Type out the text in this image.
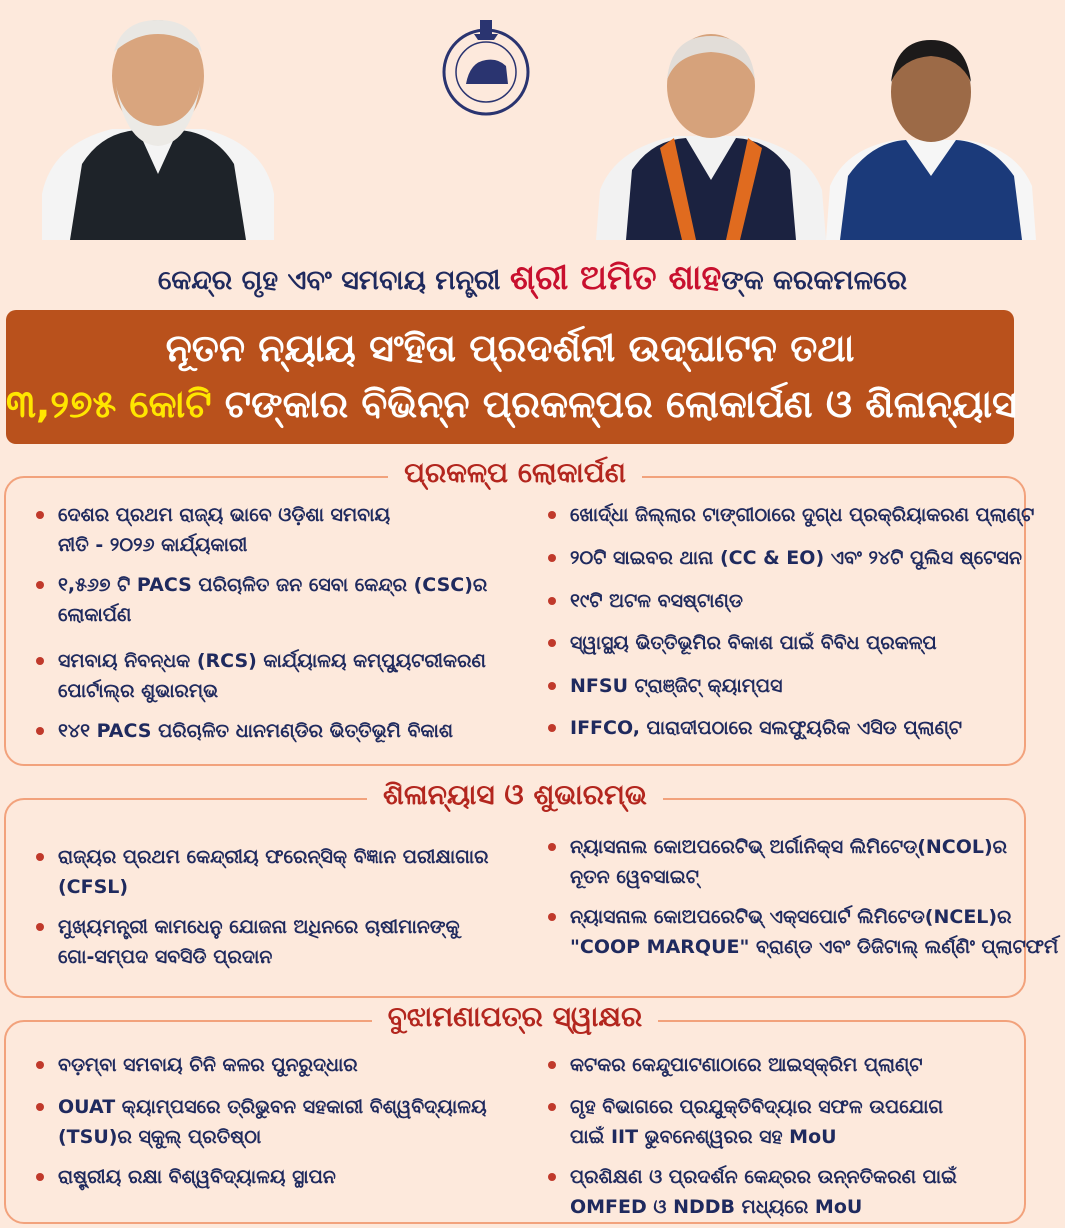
କେନ୍ଦ୍ର ଗୃହ ଏବଂ ସମବାୟ ମନ୍ତ୍ରୀ ଶ୍ରୀ ଅମିତ ଶାହଙ୍କ କରକମଳରେ
ନୂତନ ନ୍ୟାୟ ସଂହିତା ପ୍ରଦର୍ଶନୀ ଉଦ୍‌ଘାଟନ ତଥା
୩,୨୭୫ କୋଟି ଟଙ୍କାର ବିଭିନ୍ନ ପ୍ରକଳ୍ପର ଲୋକାର୍ପଣ ଓ ଶିଳାନ୍ୟାସ
ପ୍ରକଳ୍ପ ଲୋକାର୍ପଣ
ଦେଶର ପ୍ରଥମ ରାଜ୍ୟ ଭାବେ ଓଡ଼ିଶା ସମବାୟ
ନୀତି - ୨୦୨୬ କାର୍ଯ୍ୟକାରୀ
୧,୫୬୭ ଟି PACS ପରିଚାଳିତ ଜନ ସେବା କେନ୍ଦ୍ର (CSC)ର
ଲୋକାର୍ପଣ
ସମବାୟ ନିବନ୍ଧକ (RCS) କାର୍ଯ୍ୟାଳୟ କମ୍ପ୍ୟୁଟରୀକରଣ
ପୋର୍ଟାଲ୍‌ର ଶୁଭାରମ୍ଭ
୧୪୧ PACS ପରିଚାଳିତ ଧାନମଣ୍ଡିର ଭିତ୍ତିଭୂମି ବିକାଶ
ଖୋର୍ଦ୍ଧା ଜିଲ୍ଲାର ଟାଙ୍ଗୀଠାରେ ଦୁଗ୍ଧ ପ୍ରକ୍ରିୟାକରଣ ପ୍ଲାଣ୍ଟ
୨୦ଟି ସାଇବର ଥାନା (CC & EO) ଏବଂ ୨୪ଟି ପୁଲିସ ଷ୍ଟେସନ
୧୯ଟି ଅଟଳ ବସଷ୍ଟାଣ୍ଡ
ସ୍ୱାସ୍ଥ୍ୟ ଭିତ୍ତିଭୂମିର ବିକାଶ ପାଇଁ ବିବିଧ ପ୍ରକଳ୍ପ
NFSU ଟ୍ରାଞ୍ଜିଟ୍ କ୍ୟାମ୍ପସ
IFFCO, ପାରାଦୀପଠାରେ ସଲଫ୍ୟୁରିକ ଏସିଡ ପ୍ଲାଣ୍ଟ
ଶିଳାନ୍ୟାସ ଓ ଶୁଭାରମ୍ଭ
ରାଜ୍ୟର ପ୍ରଥମ କେନ୍ଦ୍ରୀୟ ଫରେନ୍‌ସିକ୍ ବିଜ୍ଞାନ ପରୀକ୍ଷାଗାର
(CFSL)
ମୁଖ୍ୟମନ୍ତ୍ରୀ କାମଧେନୁ ଯୋଜନା ଅଧିନରେ ଚାଷୀମାନଙ୍କୁ
ଗୋ-ସମ୍ପଦ ସବସିଡି ପ୍ରଦାନ
ନ୍ୟାସନାଲ କୋଅପରେଟିଭ୍ ଅର୍ଗାନିକ୍ସ ଲିମିଟେଡ୍(NCOL)ର
ନୂତନ ୱେବସାଇଟ୍
ନ୍ୟାସନାଲ କୋଅପରେଟିଭ୍ ଏକ୍ସପୋର୍ଟ ଲିମିଟେଡ(NCEL)ର
"COOP MARQUE" ବ୍ରାଣ୍ଡ ଏବଂ ଡିଜିଟାଲ୍ ଲର୍ଣ୍ଣିଂ ପ୍ଲାଟଫର୍ମ
ବୁଝାମଣାପତ୍ର ସ୍ୱାକ୍ଷର
ବଡ଼ମ୍ବା ସମବାୟ ଚିନି କଳର ପୁନରୁଦ୍ଧାର
OUAT କ୍ୟାମ୍ପସରେ ତ୍ରିଭୁବନ ସହକାରୀ ବିଶ୍ୱବିଦ୍ୟାଳୟ
(TSU)ର ସ୍କୁଲ୍ ପ୍ରତିଷ୍ଠା
ରାଷ୍ଟ୍ରୀୟ ରକ୍ଷା ବିଶ୍ୱବିଦ୍ୟାଳୟ ସ୍ଥାପନ
କଟକର କେନ୍ଦୁପାଟଣାଠାରେ ଆଇସ୍‌କ୍ରିମ ପ୍ଲାଣ୍ଟ
ଗୃହ ବିଭାଗରେ ପ୍ରଯୁକ୍ତିବିଦ୍ୟାର ସଫଳ ଉପଯୋଗ
ପାଇଁ IIT ଭୁବନେଶ୍ୱରର ସହ MoU
ପ୍ରଶିକ୍ଷଣ ଓ ପ୍ରଦର୍ଶନ କେନ୍ଦ୍ରର ଉନ୍ନତିକରଣ ପାଇଁ
OMFED ଓ NDDB ମଧ୍ୟରେ MoU
